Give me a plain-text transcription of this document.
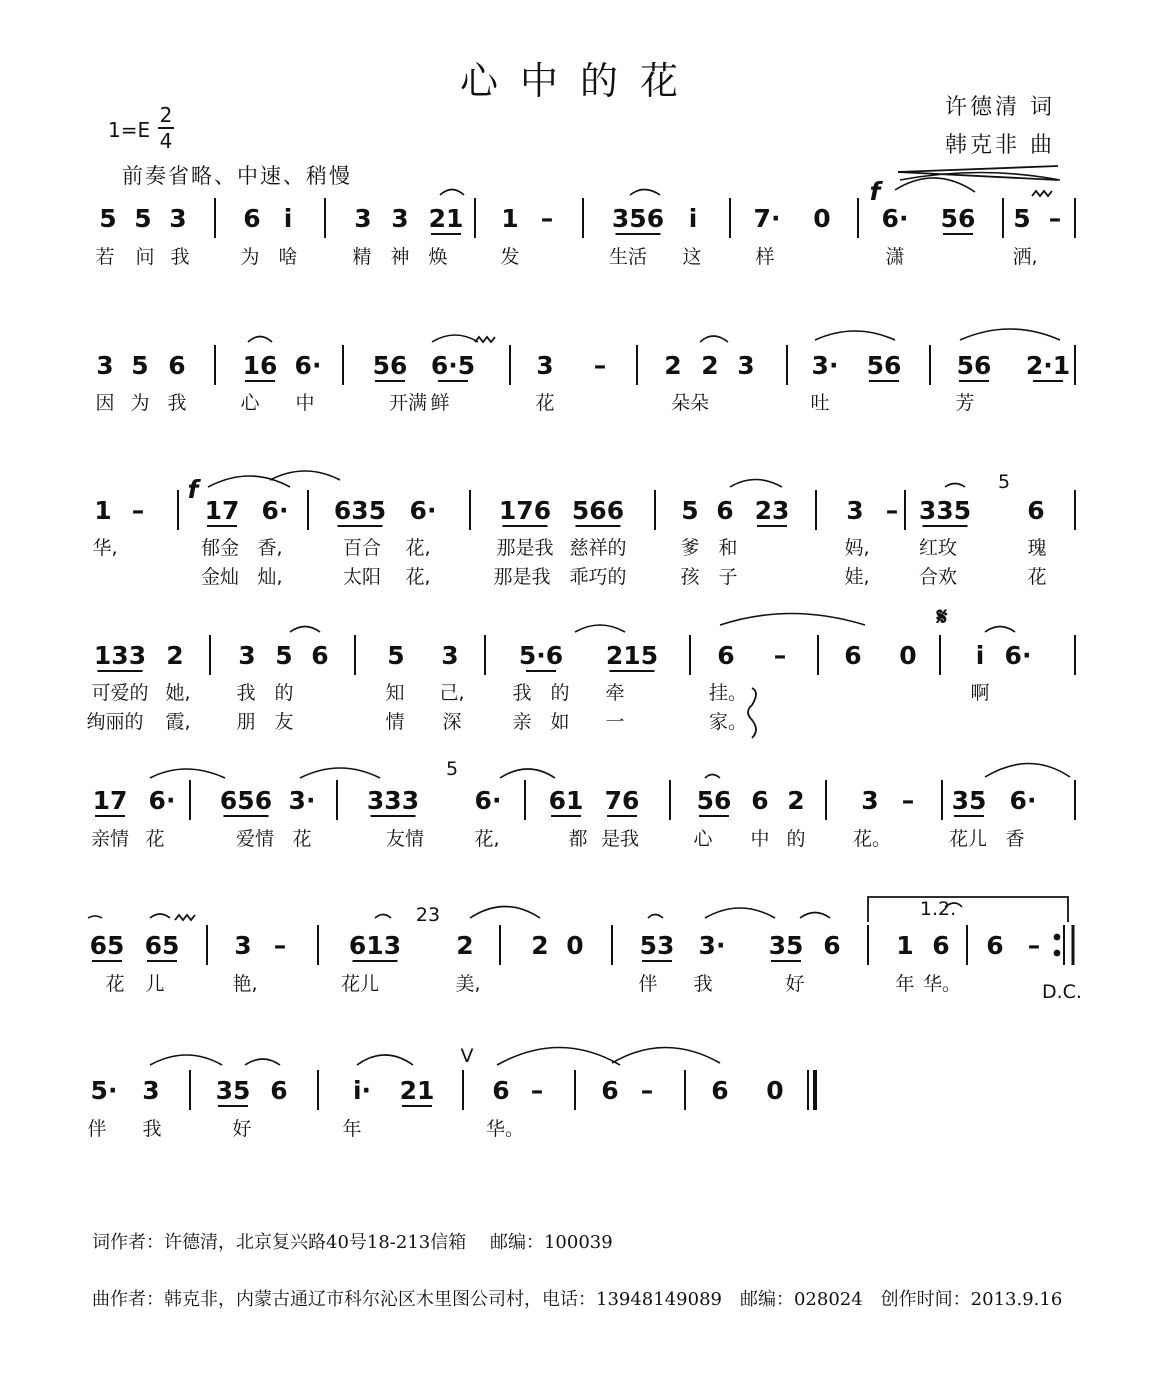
心中的花
许德清 词
韩克非 曲
1=E
2
4
前奏省略、中速、稍慢
5 5 3 6 i 3 3 21 1 – 356 i 7· 0 6· 56 5 –
3 5 6 16 6· 56 6·5 3 – 2 2 3 3· 56 56 2·1
1 – 17 6· 635 6· 176 566 5 6 23 3 – 335 6
133 2 3 5 6 5 3 5·6 215 6 – 6 0 i 6·
17 6· 656 3· 333 6· 61 76 56 6 2 3 – 35 6·
65 65 3 –	613 2 2 0 53 3· 35 6 1 6 6 –
5· 3 35 6	i· 21 6 – 6 – 6 0
若 问 我	为 啥	精 神 焕	发	生活 这	样	潇	洒,
因 为 我	心 中	开满 鲜	花	朵朵	吐	芳
华,	郁金 香,	百合 花,	那是我 慈祥的	爹 和	妈,	红玫	瑰
金灿 灿,	太阳 花,	那是我 乖巧的	孩 子	娃,	合欢	花
可爱的 她, 我 的	知 己,	我 的 牵	挂。	啊
绚丽的 霞, 朋 友	情 深	亲 如 一	家。
亲情 花	爱情 花	友情	花,	都 是我	心 中 的 花。	花儿 香
花 儿	艳,	花儿	美,	伴 我	好	年 华。
伴 我	好	年	华。
f
f
𝄋
D.C.
1.2.
5
5
23
V
词作者：许德清，北京复兴路40号18-213信箱　 邮编：100039
曲作者：韩克非，内蒙古通辽市科尔沁区木里图公司村，电话：13948149089　邮编：028024　创作时间：2013.9.16
